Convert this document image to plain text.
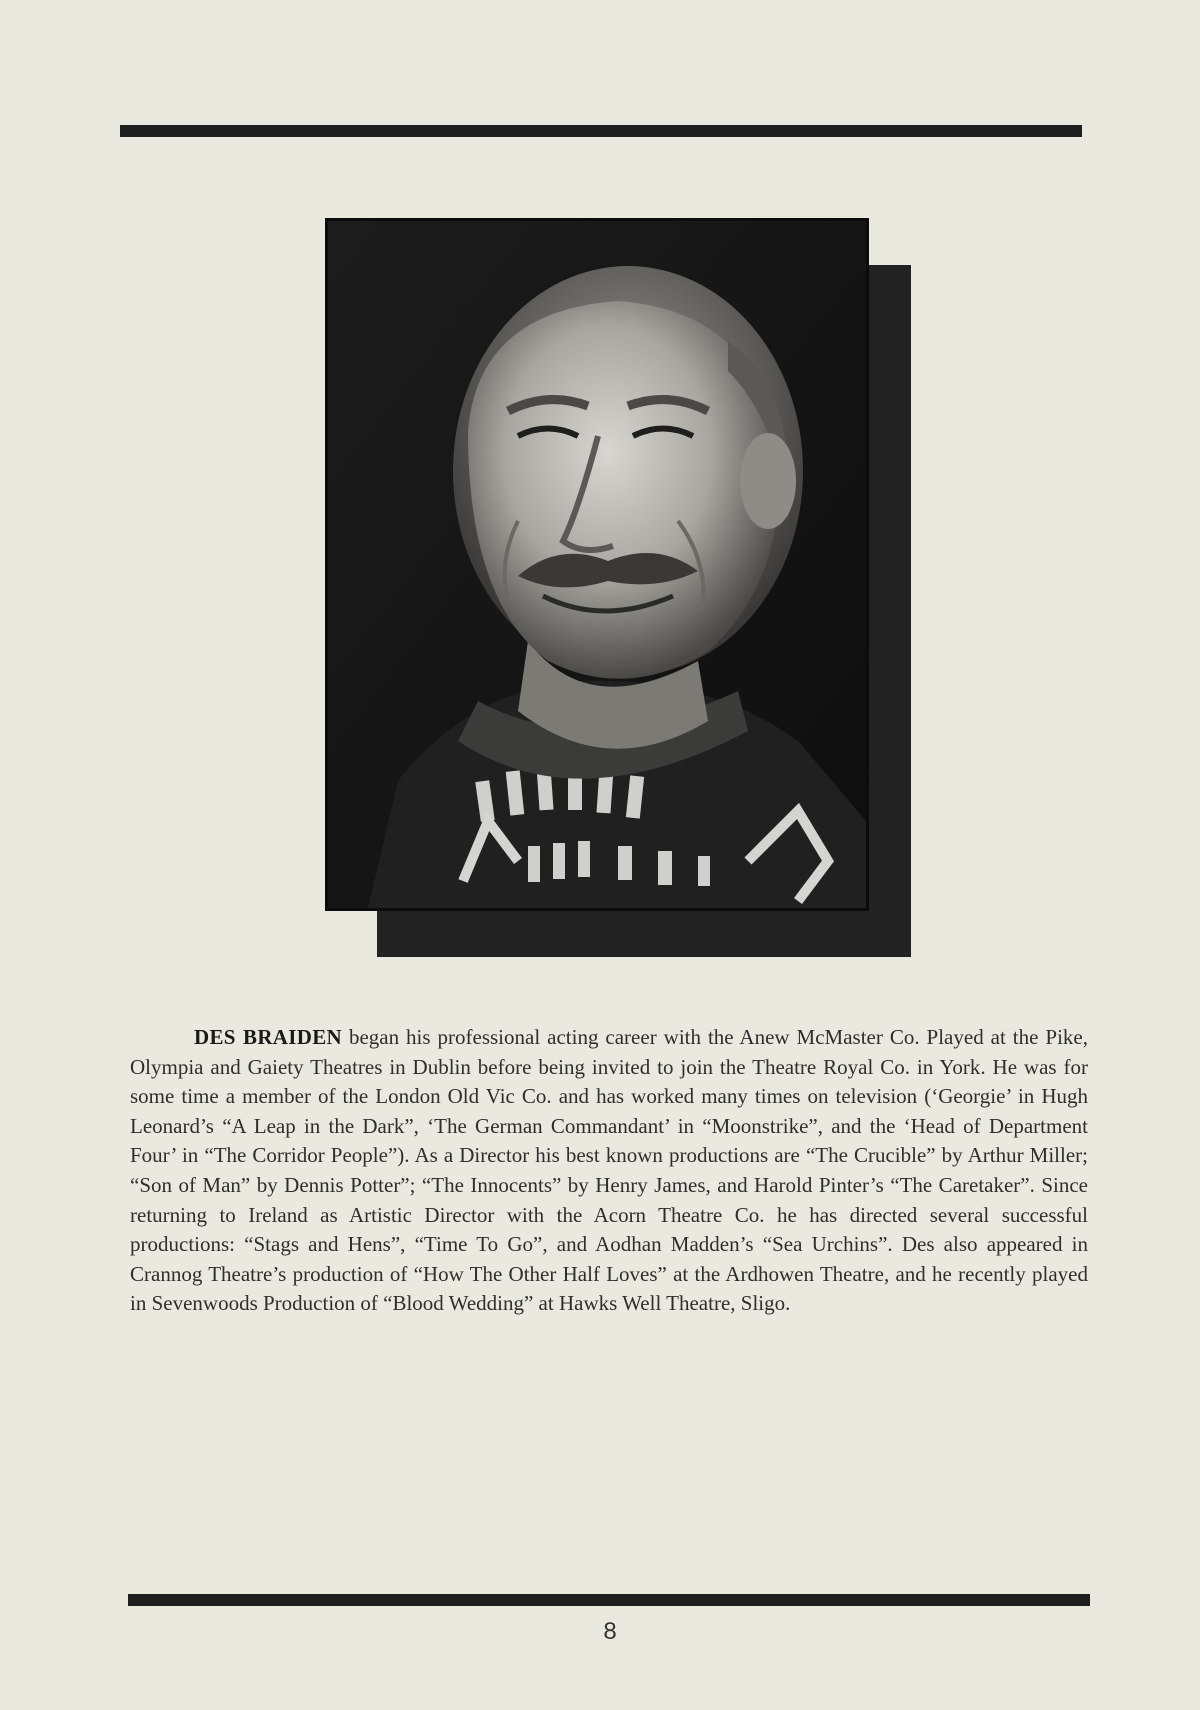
DES BRAIDEN began his professional acting career with the Anew McMaster Co. Played at the Pike, Olympia and Gaiety Theatres in Dublin before being invited to join the Theatre Royal Co. in York. He was for some time a member of the London Old Vic Co. and has worked many times on television (‘Georgie’ in Hugh Leonard’s “A Leap in the Dark”, ‘The German Commandant’ in “Moonstrike”, and the ‘Head of Department Four’ in “The Corridor People”). As a Director his best known productions are “The Crucible” by Arthur Miller; “Son of Man” by Dennis Potter”; “The Innocents” by Henry James, and Harold Pinter’s “The Caretaker”. Since returning to Ireland as Artistic Director with the Acorn Theatre Co. he has directed several successful productions: “Stags and Hens”, “Time To Go”, and Aodhan Madden’s “Sea Urchins”. Des also appeared in Crannog Theatre’s production of “How The Other Half Loves” at the Ardhowen Theatre, and he recently played in Sevenwoods Production of “Blood Wedding” at Hawks Well Theatre, Sligo.

8
